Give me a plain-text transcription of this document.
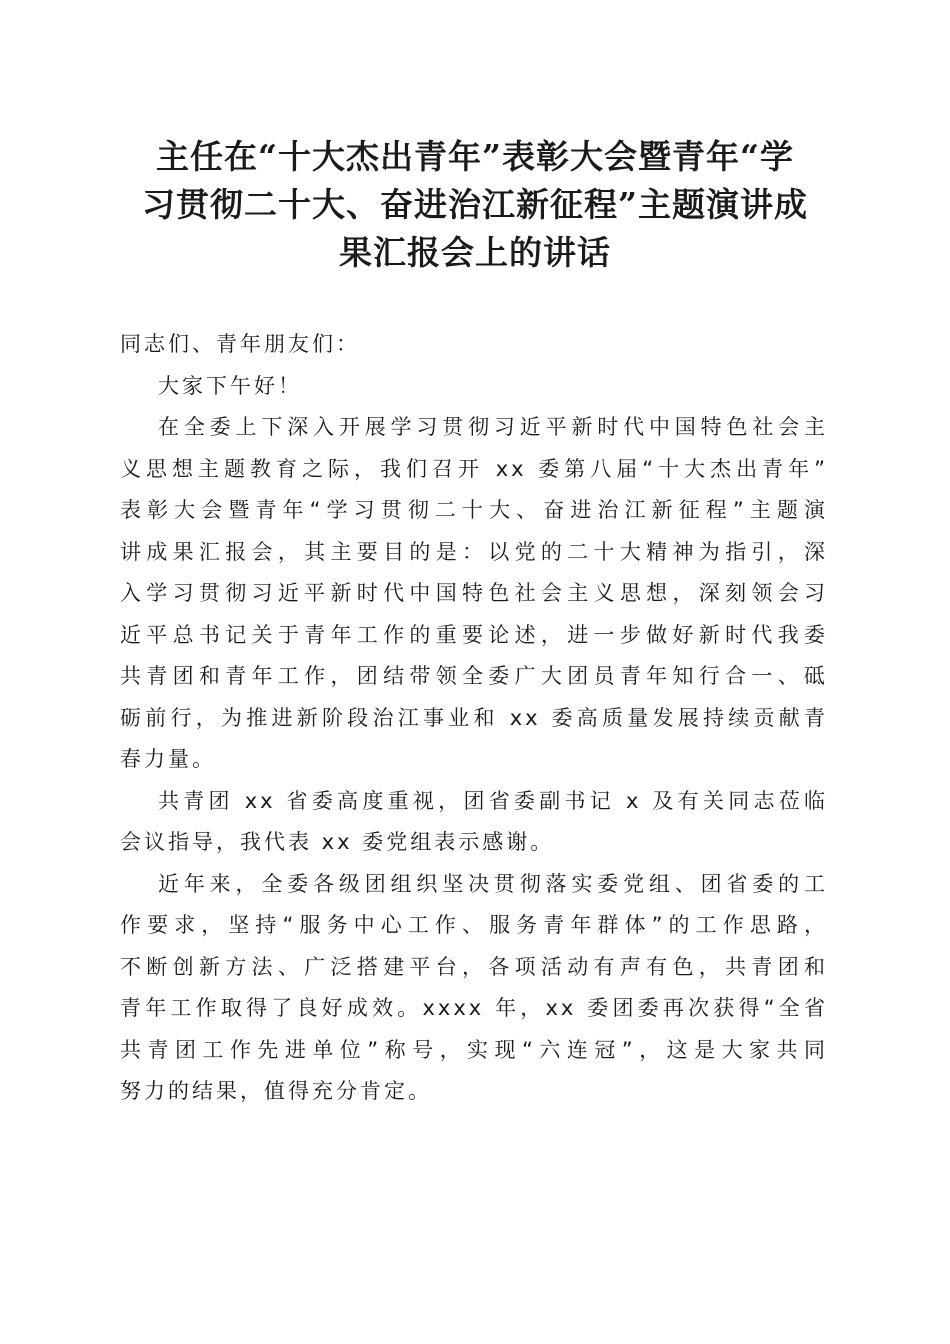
主任在“十大杰出青年”表彰大会暨青年“学
习贯彻二十大、奋进治江新征程”主题演讲成
果汇报会上的讲话
同志们、青年朋友们：
大家下午好！
在全委上下深入开展学习贯彻习近平新时代中国特色社会主
义思想主题教育之际，我们召开 xx 委第八届“十大杰出青年”
表彰大会暨青年“学习贯彻二十大、奋进治江新征程”主题演
讲成果汇报会，其主要目的是：以党的二十大精神为指引，深
入学习贯彻习近平新时代中国特色社会主义思想，深刻领会习
近平总书记关于青年工作的重要论述，进一步做好新时代我委
共青团和青年工作，团结带领全委广大团员青年知行合一、砥
砺前行，为推进新阶段治江事业和 xx 委高质量发展持续贡献青
春力量。
共青团 xx 省委高度重视，团省委副书记 x 及有关同志莅临
会议指导，我代表 xx 委党组表示感谢。
近年来，全委各级团组织坚决贯彻落实委党组、团省委的工
作要求，坚持“服务中心工作、服务青年群体”的工作思路，
不断创新方法、广泛搭建平台，各项活动有声有色，共青团和
青年工作取得了良好成效。xxxx 年，xx 委团委再次获得“全省
共青团工作先进单位”称号，实现“六连冠”，这是大家共同
努力的结果，值得充分肯定。
